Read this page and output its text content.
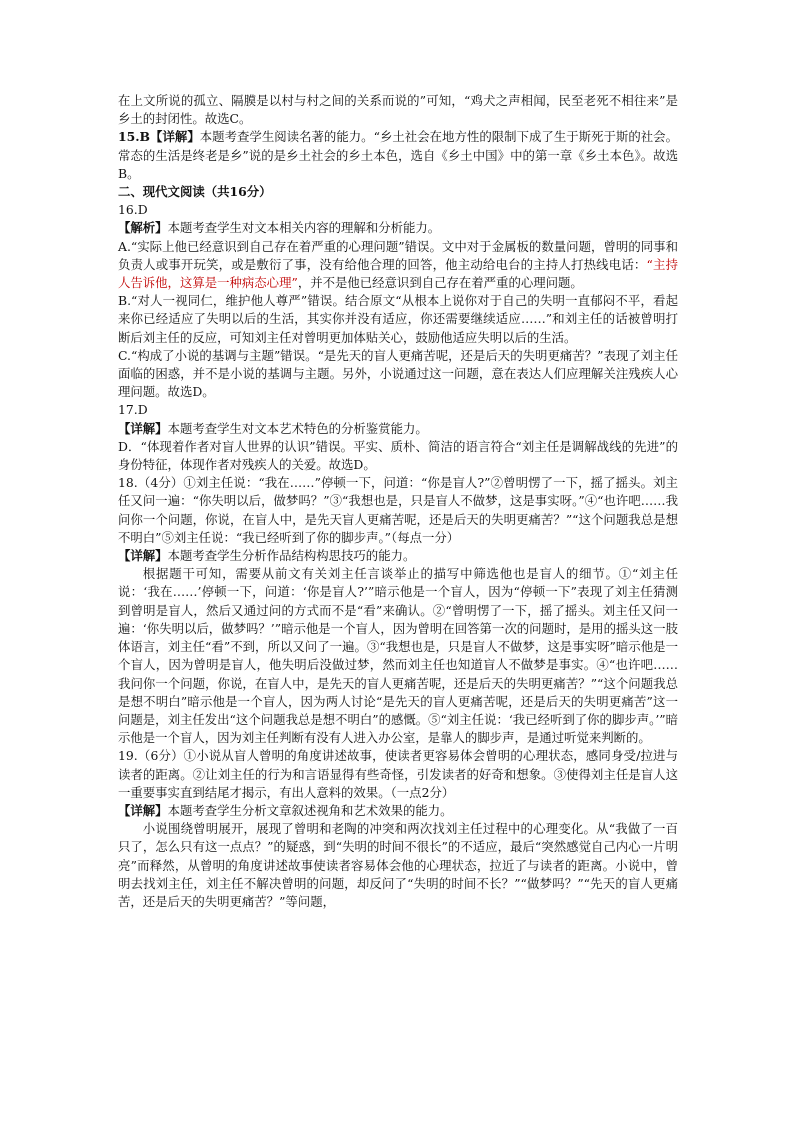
在上文所说的孤立、隔膜是以村与村之间的关系而说的”可知，“鸡犬之声相闻，民至老死不相往来”是乡土的封闭性。故选C。

15.B【详解】本题考查学生阅读名著的能力。“乡土社会在地方性的限制下成了生于斯死于斯的社会。常态的生活是终老是乡”说的是乡土社会的乡土本色，选自《乡土中国》中的第一章《乡土本色》。故选B。

二、现代文阅读（共16分）

16.D

【解析】本题考查学生对文本相关内容的理解和分析能力。

A.“实际上他已经意识到自己存在着严重的心理问题”错误。文中对于金属板的数量问题，曾明的同事和负责人或事开玩笑，或是敷衍了事，没有给他合理的回答，他主动给电台的主持人打热线电话：“主持人告诉他，这算是一种病态心理”，并不是他已经意识到自己存在着严重的心理问题。

B.“对人一视同仁，维护他人尊严”错误。结合原文“从根本上说你对于自己的失明一直郁闷不平，看起来你已经适应了失明以后的生活，其实你并没有适应，你还需要继续适应……”和刘主任的话被曾明打断后刘主任的反应，可知刘主任对曾明更加体贴关心，鼓励他适应失明以后的生活。

C.“构成了小说的基调与主题”错误。“是先天的盲人更痛苦呢，还是后天的失明更痛苦？”表现了刘主任面临的困惑，并不是小说的基调与主题。另外，小说通过这一问题，意在表达人们应理解关注残疾人心理问题。故选D。

17.D

【详解】本题考查学生对文本艺术特色的分析鉴赏能力。

D．“体现着作者对盲人世界的认识”错误。平实、质朴、简洁的语言符合“刘主任是调解战线的先进”的身份特征，体现作者对残疾人的关爱。故选D。

18.（4分）①刘主任说：“我在……”停顿一下，问道：“你是盲人?”②曾明愣了一下，摇了摇头。刘主任又问一遍：“你失明以后，做梦吗？”③“我想也是，只是盲人不做梦，这是事实呀。”④“也许吧……我问你一个问题，你说，在盲人中，是先天盲人更痛苦呢，还是后天的失明更痛苦？”“这个问题我总是想不明白”⑤刘主任说：“我已经听到了你的脚步声。”（每点一分）

【详解】本题考查学生分析作品结构构思技巧的能力。

根据题干可知，需要从前文有关刘主任言谈举止的描写中筛选他也是盲人的细节。①“刘主任说：‘我在……’停顿一下，问道：‘你是盲人?’”暗示他是一个盲人，因为“停顿一下”表现了刘主任猜测到曾明是盲人，然后又通过问的方式而不是“看”来确认。②“曾明愣了一下，摇了摇头。刘主任又问一遍：‘你失明以后，做梦吗？’”暗示他是一个盲人，因为曾明在回答第一次的问题时，是用的摇头这一肢体语言，刘主任“看”不到，所以又问了一遍。③“我想也是，只是盲人不做梦，这是事实呀”暗示他是一个盲人，因为曾明是盲人，他失明后没做过梦，然而刘主任也知道盲人不做梦是事实。④“也许吧……我问你一个问题，你说，在盲人中，是先天的盲人更痛苦呢，还是后天的失明更痛苦？”“这个问题我总是想不明白”暗示他是一个盲人，因为两人讨论“是先天的盲人更痛苦呢，还是后天的失明更痛苦”这一问题是，刘主任发出“这个问题我总是想不明白”的感慨。⑤“刘主任说：‘我已经听到了你的脚步声。’”暗示他是一个盲人，因为刘主任判断有没有人进入办公室，是靠人的脚步声，是通过听觉来判断的。

19.（6分）①小说从盲人曾明的角度讲述故事，使读者更容易体会曾明的心理状态，感同身受/拉进与读者的距离。②让刘主任的行为和言语显得有些奇怪，引发读者的好奇和想象。③使得刘主任是盲人这一重要事实直到结尾才揭示，有出人意料的效果。（一点2分）

【详解】本题考查学生分析文章叙述视角和艺术效果的能力。

小说围绕曾明展开，展现了曾明和老陶的冲突和两次找刘主任过程中的心理变化。从“我做了一百只了，怎么只有这一点点？”的疑惑，到“失明的时间不很长”的不适应，最后“突然感觉自己内心一片明亮”而释然，从曾明的角度讲述故事使读者容易体会他的心理状态，拉近了与读者的距离。小说中，曾明去找刘主任，刘主任不解决曾明的问题，却反问了“失明的时间不长？”“做梦吗？”“先天的盲人更痛苦，还是后天的失明更痛苦？”等问题，
